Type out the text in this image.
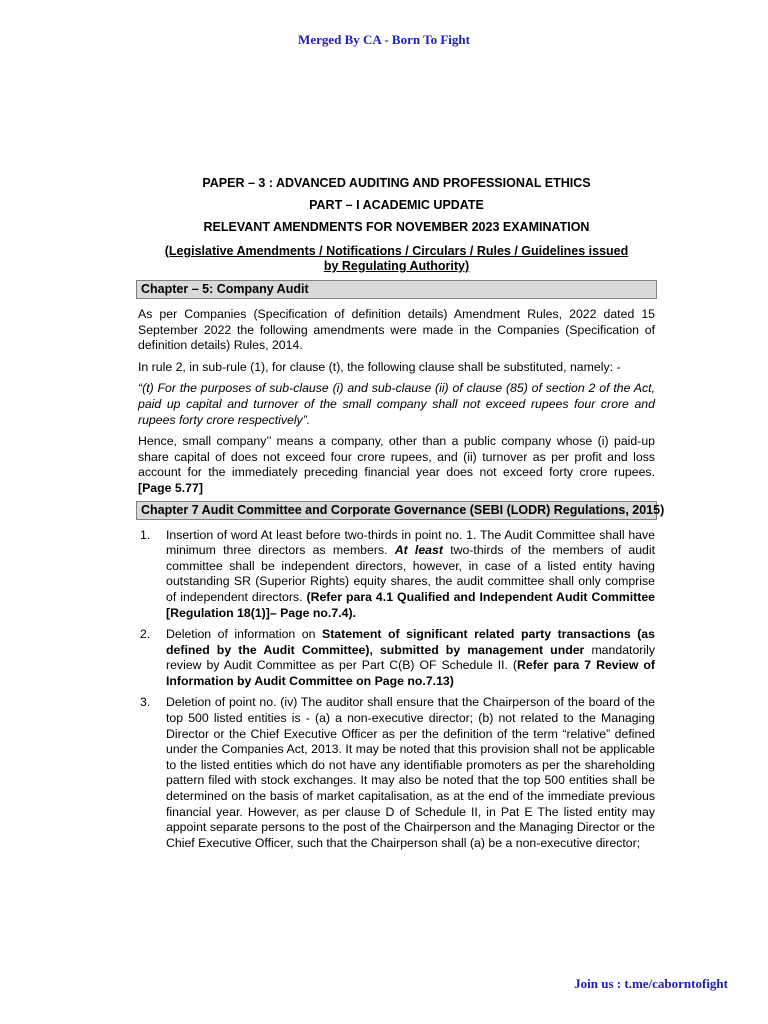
Merged By CA - Born To Fight

PAPER – 3 : ADVANCED AUDITING AND PROFESSIONAL ETHICS

PART – I ACADEMIC UPDATE

RELEVANT AMENDMENTS FOR NOVEMBER 2023 EXAMINATION

(Legislative Amendments / Notifications / Circulars / Rules / Guidelines issued by Regulating Authority)
Chapter – 5: Company Audit

As per Companies (Specification of definition details) Amendment Rules, 2022 dated 15 September 2022 the following amendments were made in the Companies (Specification of definition details) Rules, 2014.

In rule 2, in sub-rule (1), for clause (t), the following clause shall be substituted, namely: -

“(t) For the purposes of sub-clause (i) and sub-clause (ii) of clause (85) of section 2 of the Act, paid up capital and turnover of the small company shall not exceed rupees four crore and rupees forty crore respectively”.

Hence, small company’’ means a company, other than a public company whose (i) paid-up share capital of does not exceed four crore rupees, and (ii) turnover as per profit and loss account for the immediately preceding financial year does not exceed forty crore rupees. [Page 5.77]

Chapter 7 Audit Committee and Corporate Governance (SEBI (LODR) Regulations, 2015)
1. Insertion of word At least before two-thirds in point no. 1. The Audit Committee shall have minimum three directors as members. At least two-thirds of the members of audit committee shall be independent directors, however, in case of a listed entity having outstanding SR (Superior Rights) equity shares, the audit committee shall only comprise of independent directors. (Refer para 4.1 Qualified and Independent Audit Committee [Regulation 18(1)]– Page no.7.4).
2. Deletion of information on Statement of significant related party transactions (as defined by the Audit Committee), submitted by management under mandatorily review by Audit Committee as per Part C(B) OF Schedule II. (Refer para 7 Review of Information by Audit Committee on Page no.7.13)
3. Deletion of point no. (iv) The auditor shall ensure that the Chairperson of the board of the top 500 listed entities is - (a) a non-executive director; (b) not related to the Managing Director or the Chief Executive Officer as per the definition of the term “relative” defined under the Companies Act, 2013. It may be noted that this provision shall not be applicable to the listed entities which do not have any identifiable promoters as per the shareholding pattern filed with stock exchanges. It may also be noted that the top 500 entities shall be determined on the basis of market capitalisation, as at the end of the immediate previous financial year. However, as per clause D of Schedule II, in Pat E The listed entity may appoint separate persons to the post of the Chairperson and the Managing Director or the Chief Executive Officer, such that the Chairperson shall (a) be a non-executive director;
Join us : t.me/caborntofight
